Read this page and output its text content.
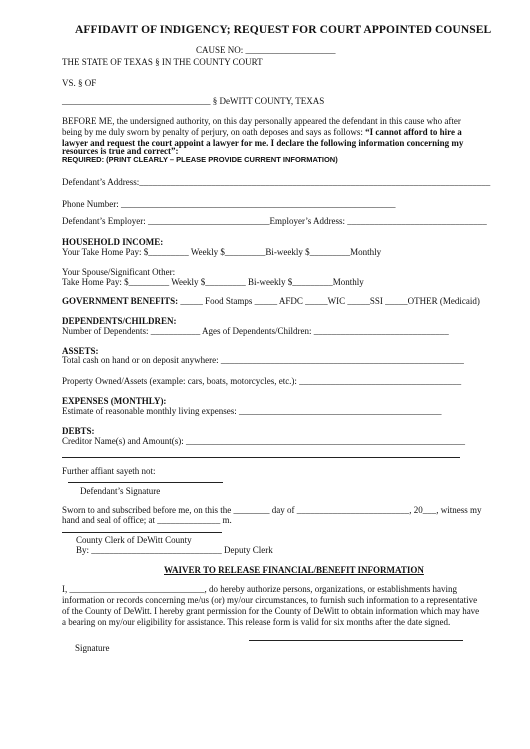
AFFIDAVIT OF INDIGENCY; REQUEST FOR COURT APPOINTED COUNSEL
CAUSE NO: ____________________
THE STATE OF TEXAS § IN THE COUNTY COURT
VS. § OF
_________________________________ § DeWITT COUNTY, TEXAS
BEFORE ME, the undersigned authority, on this day personally appeared the defendant in this cause who after
being by me duly sworn by penalty of perjury, on oath deposes and says as follows: “I cannot afford to hire a
lawyer and request the court appoint a lawyer for me. I declare the following information concerning my
resources is true and correct”:
REQUIRED: (PRINT CLEARLY – PLEASE PROVIDE CURRENT INFORMATION)
Defendant’s Address:______________________________________________________________________________
Phone Number: _____________________________________________________________
Defendant’s Employer: ___________________________Employer’s Address: _______________________________
HOUSEHOLD INCOME:
Your Take Home Pay: $_________ Weekly $_________Bi-weekly $_________Monthly
Your Spouse/Significant Other:
Take Home Pay: $_________ Weekly $_________ Bi-weekly $_________Monthly
GOVERNMENT BENEFITS: _____ Food Stamps _____ AFDC _____WIC _____SSI _____OTHER (Medicaid)
DEPENDENTS/CHILDREN:
Number of Dependents: ___________ Ages of Dependents/Children: ______________________________
ASSETS:
Total cash on hand or on deposit anywhere: ______________________________________________________
Property Owned/Assets (example: cars, boats, motorcycles, etc.): ____________________________________
EXPENSES (MONTHLY):
Estimate of reasonable monthly living expenses: _____________________________________________
DEBTS:
Creditor Name(s) and Amount(s): ______________________________________________________________
Further affiant sayeth not:
Defendant’s Signature
Sworn to and subscribed before me, on this the ________ day of _________________________, 20___, witness my
hand and seal of office; at ______________ m.
County Clerk of DeWitt County
By: _____________________________ Deputy Clerk
WAIVER TO RELEASE FINANCIAL/BENEFIT INFORMATION
I, ______________________________, do hereby authorize persons, organizations, or establishments having
information or records concerning me/us (or) my/our circumstances, to furnish such information to a representative
of the County of DeWitt. I hereby grant permission for the County of DeWitt to obtain information which may have
a bearing on my/our eligibility for assistance. This release form is valid for six months after the date signed.
Signature
